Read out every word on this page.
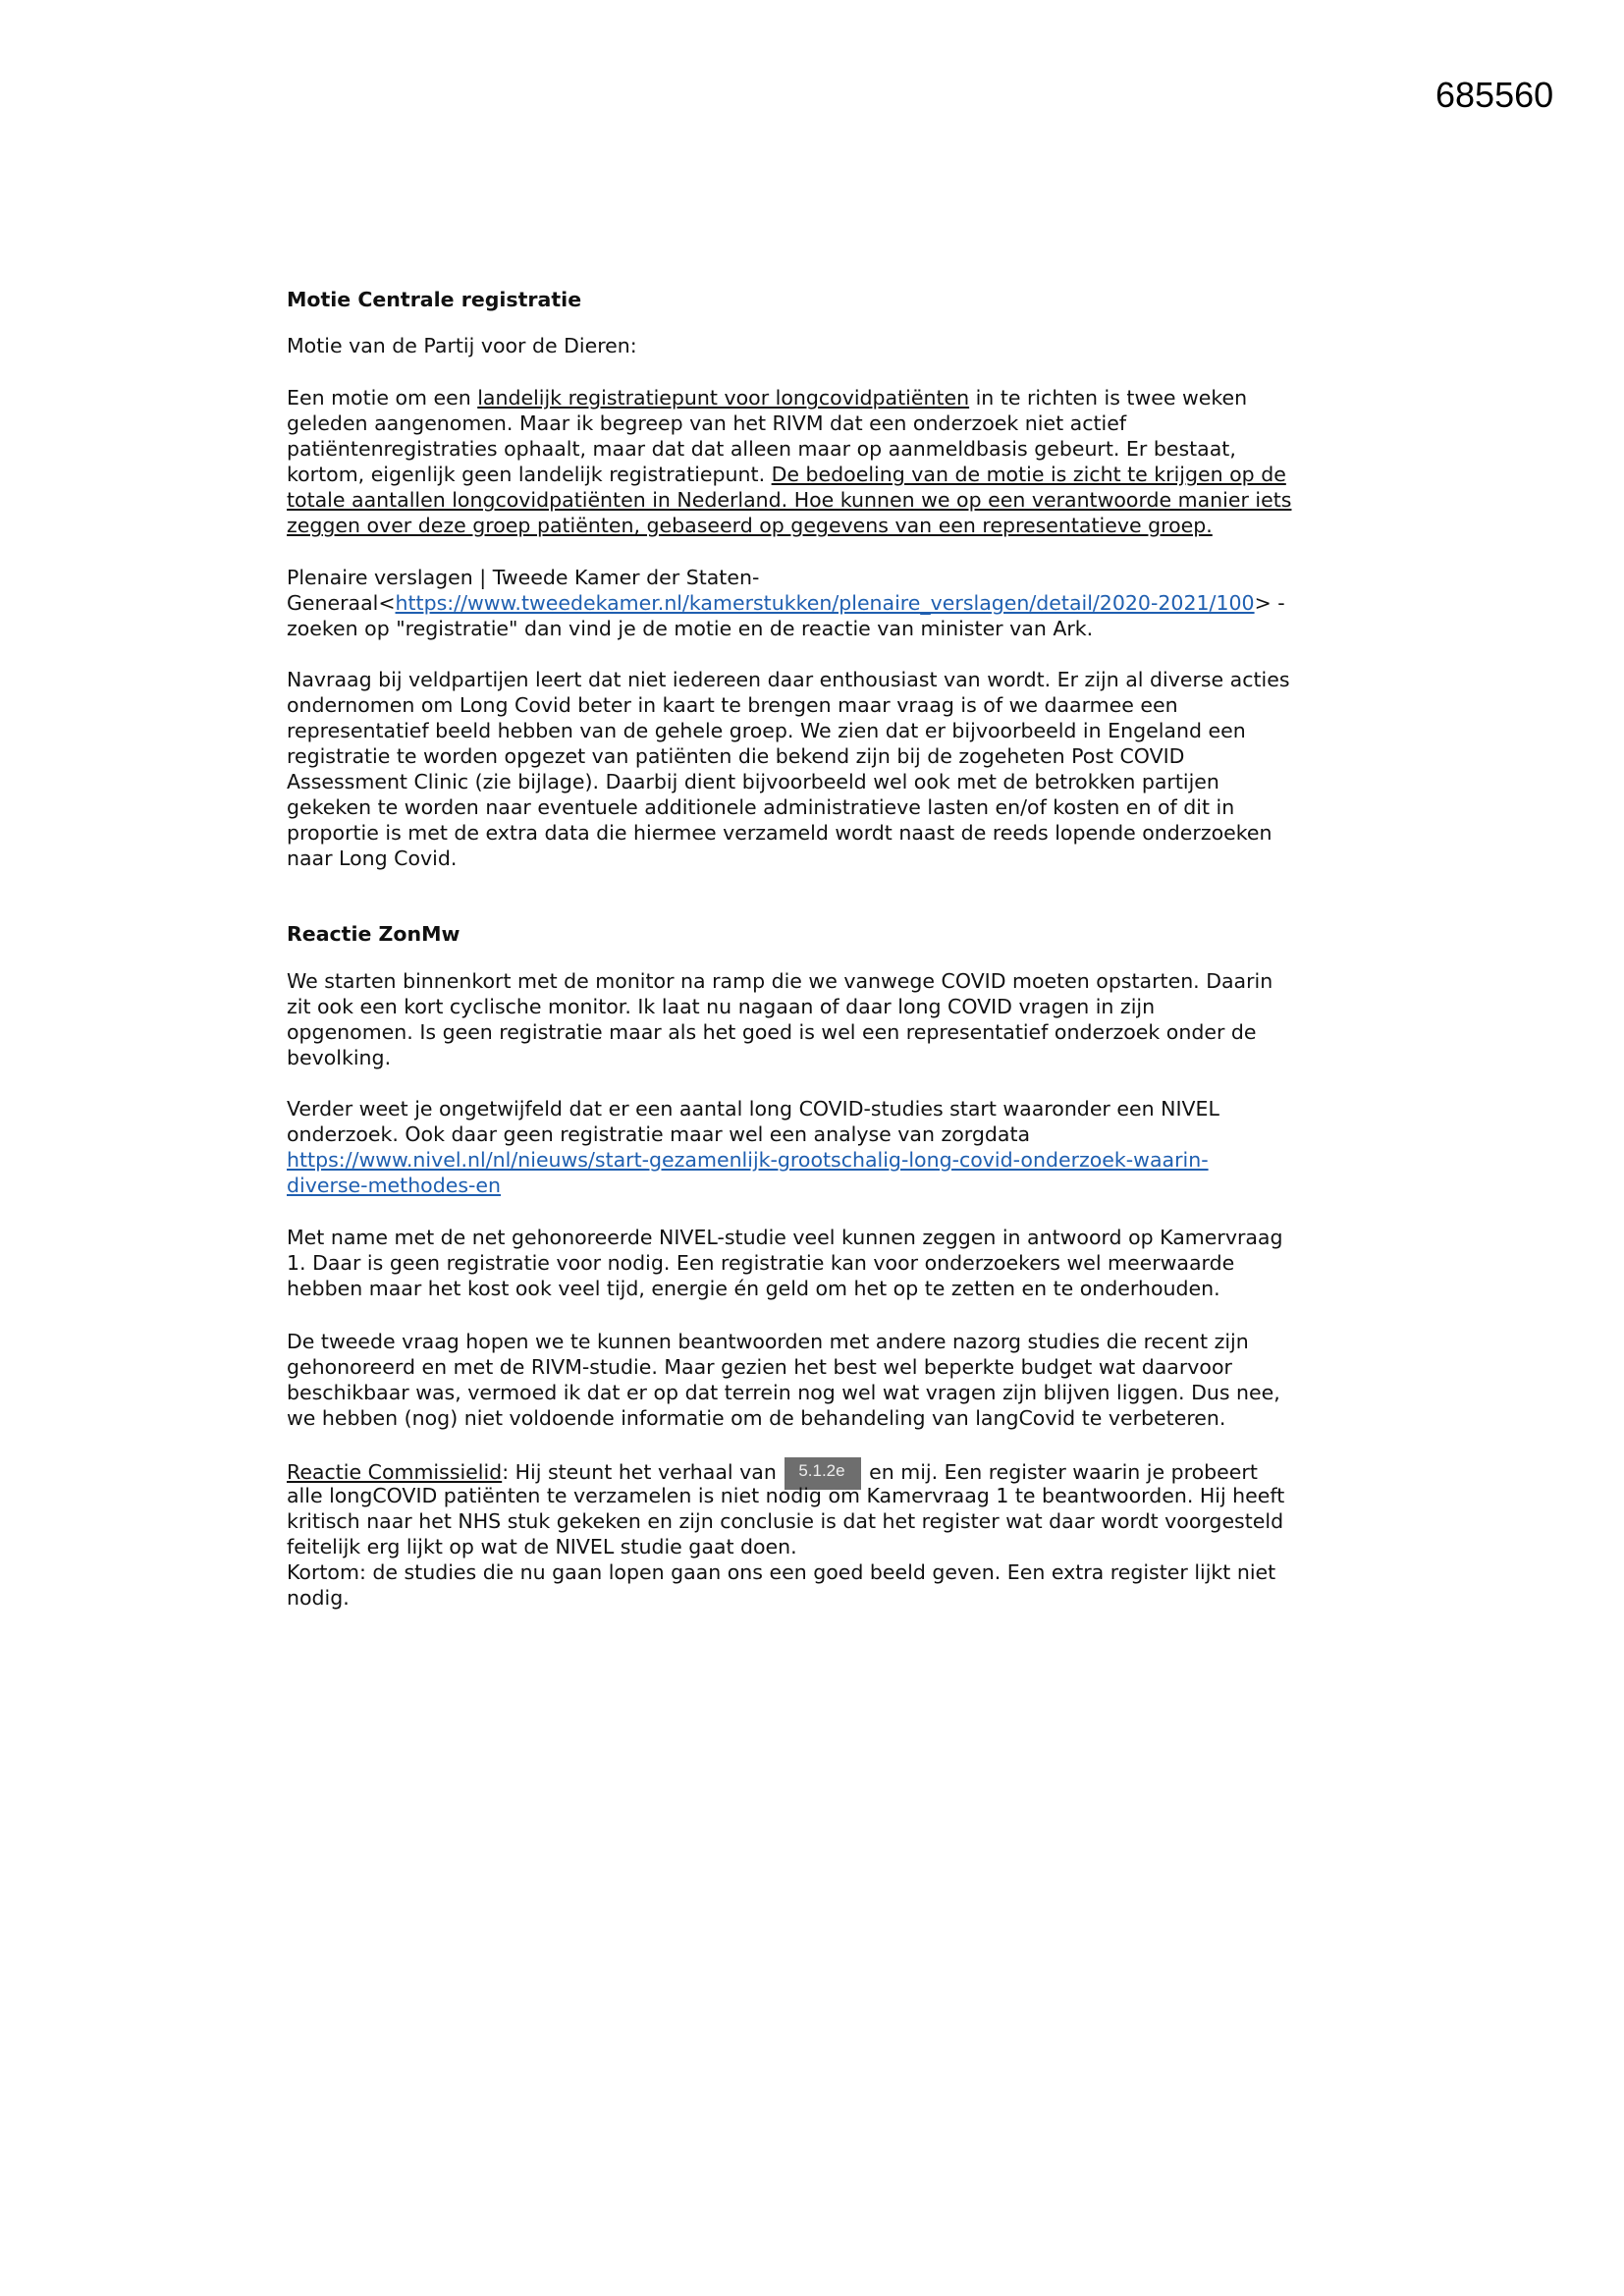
685560
Motie Centrale registratie
Motie van de Partij voor de Dieren:
Een motie om een landelijk registratiepunt voor longcovidpatiënten in te richten is twee weken
geleden aangenomen. Maar ik begreep van het RIVM dat een onderzoek niet actief
patiëntenregistraties ophaalt, maar dat dat alleen maar op aanmeldbasis gebeurt. Er bestaat,
kortom, eigenlijk geen landelijk registratiepunt. De bedoeling van de motie is zicht te krijgen op de
totale aantallen longcovidpatiënten in Nederland. Hoe kunnen we op een verantwoorde manier iets
zeggen over deze groep patiënten, gebaseerd op gegevens van een representatieve groep.
Plenaire verslagen | Tweede Kamer der Staten-
Generaal<https://www.tweedekamer.nl/kamerstukken/plenaire_verslagen/detail/2020-2021/100> -
zoeken op "registratie" dan vind je de motie en de reactie van minister van Ark.
Navraag bij veldpartijen leert dat niet iedereen daar enthousiast van wordt. Er zijn al diverse acties
ondernomen om Long Covid beter in kaart te brengen maar vraag is of we daarmee een
representatief beeld hebben van de gehele groep. We zien dat er bijvoorbeeld in Engeland een
registratie te worden opgezet van patiënten die bekend zijn bij de zogeheten Post COVID
Assessment Clinic (zie bijlage). Daarbij dient bijvoorbeeld wel ook met de betrokken partijen
gekeken te worden naar eventuele additionele administratieve lasten en/of kosten en of dit in
proportie is met de extra data die hiermee verzameld wordt naast de reeds lopende onderzoeken
naar Long Covid.
Reactie ZonMw
We starten binnenkort met de monitor na ramp die we vanwege COVID moeten opstarten. Daarin
zit ook een kort cyclische monitor. Ik laat nu nagaan of daar long COVID vragen in zijn
opgenomen. Is geen registratie maar als het goed is wel een representatief onderzoek onder de
bevolking.
Verder weet je ongetwijfeld dat er een aantal long COVID-studies start waaronder een NIVEL
onderzoek. Ook daar geen registratie maar wel een analyse van zorgdata
https://www.nivel.nl/nl/nieuws/start-gezamenlijk-grootschalig-long-covid-onderzoek-waarin-
diverse-methodes-en
Met name met de net gehonoreerde NIVEL-studie veel kunnen zeggen in antwoord op Kamervraag
1. Daar is geen registratie voor nodig. Een registratie kan voor onderzoekers wel meerwaarde
hebben maar het kost ook veel tijd, energie én geld om het op te zetten en te onderhouden.
De tweede vraag hopen we te kunnen beantwoorden met andere nazorg studies die recent zijn
gehonoreerd en met de RIVM-studie. Maar gezien het best wel beperkte budget wat daarvoor
beschikbaar was, vermoed ik dat er op dat terrein nog wel wat vragen zijn blijven liggen. Dus nee,
we hebben (nog) niet voldoende informatie om de behandeling van langCovid te verbeteren.
Reactie Commissielid: Hij steunt het verhaal van 5.1.2e en mij. Een register waarin je probeert
alle longCOVID patiënten te verzamelen is niet nodig om Kamervraag 1 te beantwoorden. Hij heeft
kritisch naar het NHS stuk gekeken en zijn conclusie is dat het register wat daar wordt voorgesteld
feitelijk erg lijkt op wat de NIVEL studie gaat doen.
Kortom: de studies die nu gaan lopen gaan ons een goed beeld geven. Een extra register lijkt niet
nodig.
